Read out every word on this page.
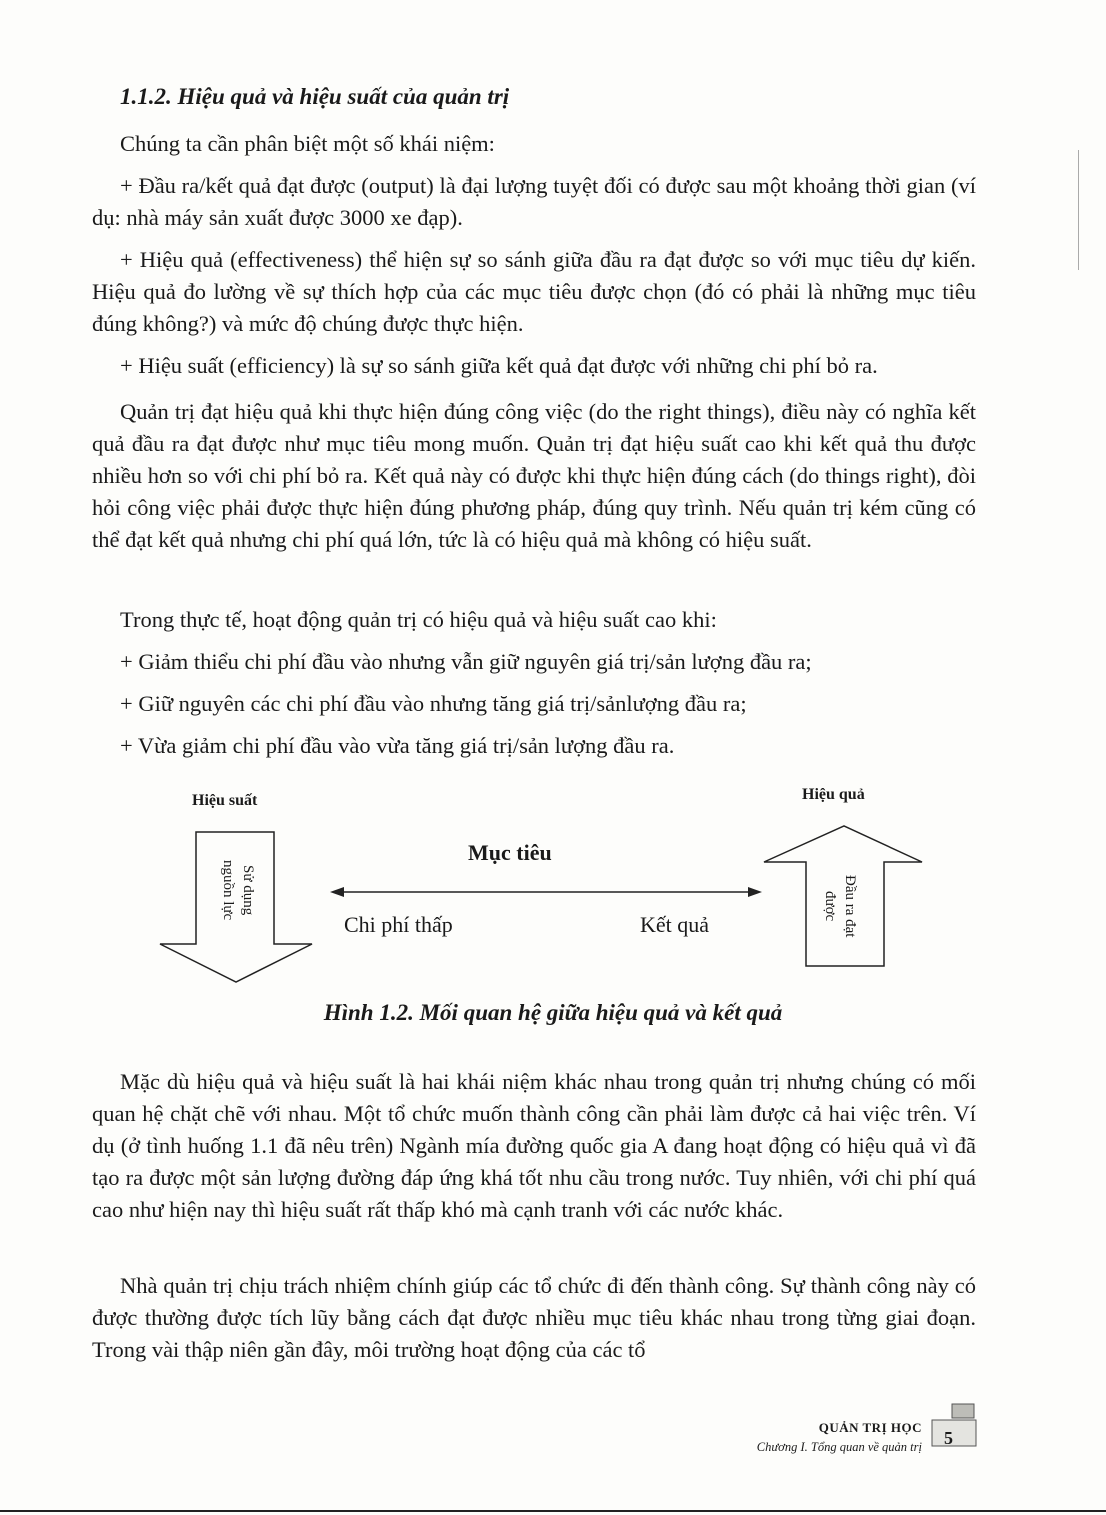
1.1.2. Hiệu quả và hiệu suất của quản trị

Chúng ta cần phân biệt một số khái niệm:

+ Đầu ra/kết quả đạt được (output) là đại lượng tuyệt đối có được sau một khoảng thời gian (ví dụ: nhà máy sản xuất được 3000 xe đạp).

+ Hiệu quả (effectiveness) thể hiện sự so sánh giữa đầu ra đạt được so với mục tiêu dự kiến. Hiệu quả đo lường về sự thích hợp của các mục tiêu được chọn (đó có phải là những mục tiêu đúng không?) và mức độ chúng được thực hiện.

+ Hiệu suất (efficiency) là sự so sánh giữa kết quả đạt được với những chi phí bỏ ra.

Quản trị đạt hiệu quả khi thực hiện đúng công việc (do the right things), điều này có nghĩa kết quả đầu ra đạt được như mục tiêu mong muốn. Quản trị đạt hiệu suất cao khi kết quả thu được nhiều hơn so với chi phí bỏ ra. Kết quả này có được khi thực hiện đúng cách (do things right), đòi hỏi công việc phải được thực hiện đúng phương pháp, đúng quy trình. Nếu quản trị kém cũng có thể đạt kết quả nhưng chi phí quá lớn, tức là có hiệu quả mà không có hiệu suất.

Trong thực tế, hoạt động quản trị có hiệu quả và hiệu suất cao khi:

+ Giảm thiểu chi phí đầu vào nhưng vẫn giữ nguyên giá trị/sản lượng đầu ra;

+ Giữ nguyên các chi phí đầu vào nhưng tăng giá trị/sảnlượng đầu ra;

+ Vừa giảm chi phí đầu vào vừa tăng giá trị/sản lượng đầu ra.

Hiệu suất	Hiệu quả
Sử dụng nguồn lực	Đầu ra đạt được
Mục tiêu
Chi phí thấp	Kết quả

Hình 1.2. Mối quan hệ giữa hiệu quả và kết quả

Mặc dù hiệu quả và hiệu suất là hai khái niệm khác nhau trong quản trị nhưng chúng có mối quan hệ chặt chẽ với nhau. Một tổ chức muốn thành công cần phải làm được cả hai việc trên. Ví dụ (ở tình huống 1.1 đã nêu trên) Ngành mía đường quốc gia A đang hoạt động có hiệu quả vì đã tạo ra được một sản lượng đường đáp ứng khá tốt nhu cầu trong nước. Tuy nhiên, với chi phí quá cao như hiện nay thì hiệu suất rất thấp khó mà cạnh tranh với các nước khác.

Nhà quản trị chịu trách nhiệm chính giúp các tổ chức đi đến thành công. Sự thành công này có được thường được tích lũy bằng cách đạt được nhiều mục tiêu khác nhau trong từng giai đoạn. Trong vài thập niên gần đây, môi trường hoạt động của các tổ

QUẢN TRỊ HỌC
Chương I. Tổng quan về quản trị 5
